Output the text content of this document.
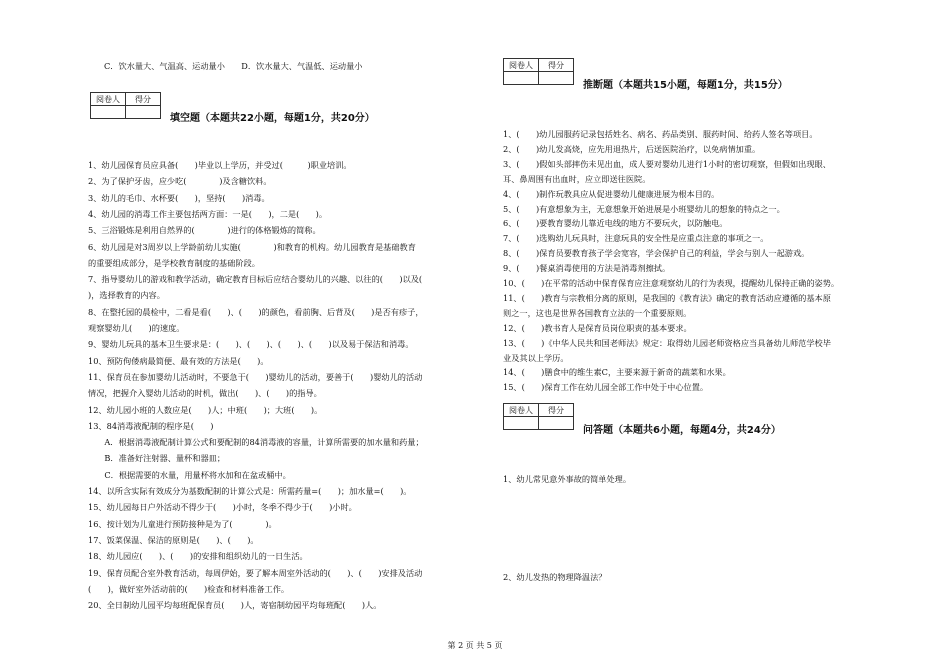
C．饮水量大、气温高、运动量小　　D．饮水量大、气温低、运动量小
阅卷人	得分

填空题（本题共22小题，每题1分，共20分）
1、幼儿园保育员应具备(　　)毕业以上学历，并受过(　　　)职业培训。
2、为了保护牙齿，应少吃(　　　　)及含糖饮料。
3、幼儿的毛巾、水杯要(　　)，坚持(　　)消毒。
4、幼儿园的消毒工作主要包括两方面：一是(　　)，二是(　　)。
5、三浴锻炼是利用自然界的(　　　　)进行的体格锻炼的简称。
6、幼儿园是对3周岁以上学龄前幼儿实施(　　　　)和教育的机构。幼儿园教育是基础教育
的重要组成部分，是学校教育制度的基础阶段。
7、指导婴幼儿的游戏和教学活动，确定教育目标后应结合婴幼儿的兴趣、以往的(　　)以及(
)，选择教育的内容。
8、在整托园的晨检中，二看是看(　　)、(　　)的颜色，看前胸、后背及(　　)是否有疹子，
观察婴幼儿(　　)的速度。
9、婴幼儿玩具的基本卫生要求是：(　　)、(　　)、(　　)、(　　)以及易于保洁和消毒。
10、预防佝偻病最简便、最有效的方法是(　　)。
11、保育员在参加婴幼儿活动时，不要急于(　　)婴幼儿的活动，要善于(　　)婴幼儿的活动
情况，把握介入婴幼儿活动的时机，做出(　　)、(　　)的指导。
12、幼儿园小班的人数应是(　　)人；中班(　　)；大班(　　)。
13、84消毒液配制的程序是(　　)
　　A．根据消毒液配制计算公式和要配制的84消毒液的容量，计算所需要的加水量和药量；
　　B．准备好注射器、量杯和器皿；
　　C．根据需要的水量，用量杯将水加和在盆或桶中。
14、以所含实际有效成分为基数配制的计算公式是：所需药量=(　　)；加水量=(　　)。
15、幼儿园每日户外活动不得少于(　　)小时，冬季不得少于(　　)小时。
16、按计划为儿童进行预防接种是为了(　　　　)。
17、饭菜保温、保洁的原则是(　　)、(　　)。
18、幼儿园应(　　)、(　　)的安排和组织幼儿的一日生活。
19、保育员配合室外教育活动，每周伊始，要了解本周室外活动的(　　)、(　　)安排及活动
(　　)，做好室外活动前的(　　)检查和材料准备工作。
20、全日制幼儿园平均每班配保育员(　　)人，寄宿制幼园平均每班配(　　)人。
阅卷人	得分

推断题（本题共15小题，每题1分，共15分）
1、(　　)幼儿园服药记录包括姓名、病名、药品类别、服药时间、给药人签名等项目。
2、(　　)幼儿发高烧，应先用退热片，后送医院治疗，以免病情加重。
3、(　　)假如头部摔伤未见出血，成人要对婴幼儿进行1小时的密切观察，但假如出现眼、
耳、鼻周围有出血时，应立即送往医院。
4、(　　)制作玩教具应从促进婴幼儿健康进展为根本目的。
5、(　　)有意想象为主，无意想象开始进展是小班婴幼儿的想象的特点之一。
6、(　　)要教育婴幼儿靠近电线的地方不要玩火，以防触电。
7、(　　)选购幼儿玩具时，注意玩具的安全性是应重点注意的事项之一。
8、(　　)保育员要教育孩子学会宽容，学会保护自己的利益，学会与别人一起游戏。
9、(　　)餐桌消毒使用的方法是消毒剂擦拭。
10、(　　)在平常的活动中保育保育应注意观察幼儿的行为表现，提醒幼儿保持正确的姿势。
11、(　　)教育与宗教相分离的原则，是我国的《教育法》确定的教育活动应遵循的基本原
则之一，这也是世界各国教育立法的一个重要原则。
12、(　　)教书育人是保育员岗位职责的基本要求。
13、(　　)《中华人民共和国老师法》规定：取得幼儿园老师资格应当具备幼儿师范学校毕
业及其以上学历。
14、(　　)膳食中的维生素C，主要来源于新奇的蔬菜和水果。
15、(　　)保育工作在幼儿园全部工作中处于中心位置。
阅卷人	得分

问答题（本题共6小题，每题4分，共24分）
1、幼儿常见意外事故的简单处理。
2、幼儿发热的物理降温法？
第 2 页 共 5 页
